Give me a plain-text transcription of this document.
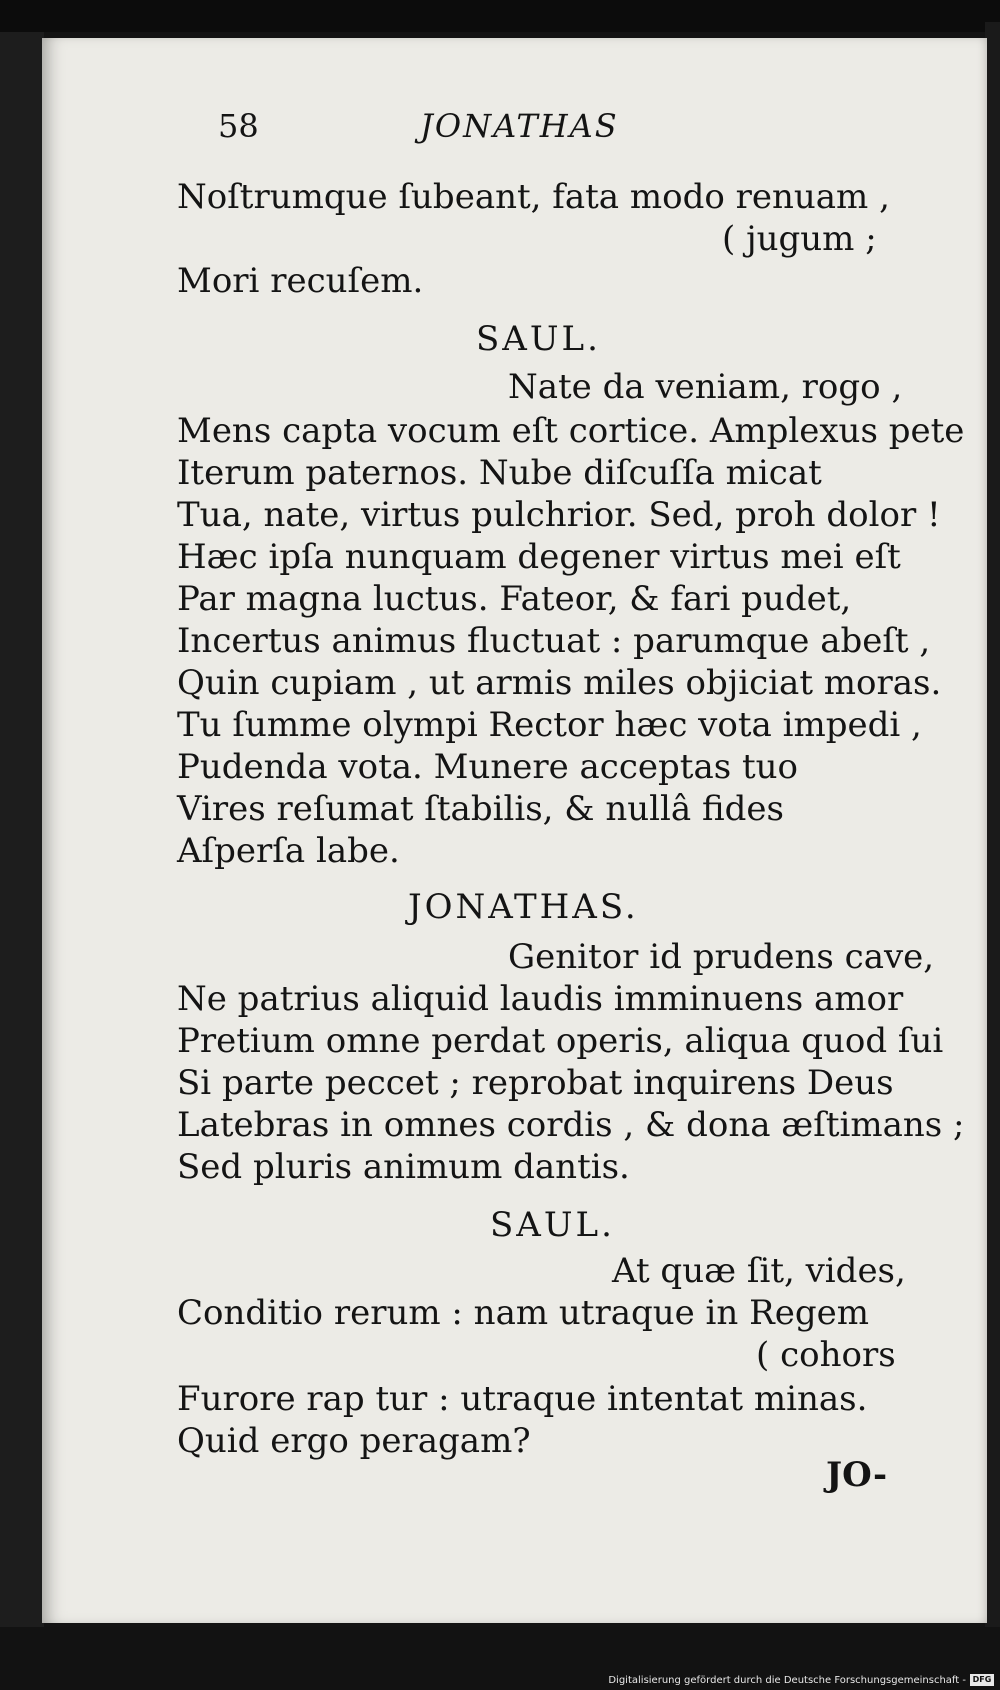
58	JONATHAS
Noſtrumque ſubeant, fata modo renuam ,
( jugum ;
Mori recuſem.
SAUL.
Nate da veniam, rogo ,
Mens capta vocum eſt cortice. Amplexus pete
Iterum paternos. Nube diſcuſſa micat
Tua, nate, virtus pulchrior. Sed, proh dolor !
Hæc ipſa nunquam degener virtus mei eſt
Par magna luctus. Fateor, & fari pudet,
Incertus animus fluctuat : parumque abeſt ,
Quin cupiam , ut armis miles objiciat moras.
Tu ſumme olympi Rector hæc vota impedi ,
Pudenda vota. Munere acceptas tuo
Vires reſumat ſtabilis, & nullâ fides
Aſperſa labe.
JONATHAS.
Genitor id prudens cave,
Ne patrius aliquid laudis imminuens amor
Pretium omne perdat operis, aliqua quod ſui
Si parte peccet ; reprobat inquirens Deus
Latebras in omnes cordis , & dona æſtimans ;
Sed pluris animum dantis.
SAUL.
At quæ ſit, vides,
Conditio rerum : nam utraque in Regem
( cohors
Furore rap tur : utraque intentat minas.
Quid ergo peragam?
JO-
Digitalisierung gefördert durch die Deutsche Forschungsgemeinschaft - DFG
